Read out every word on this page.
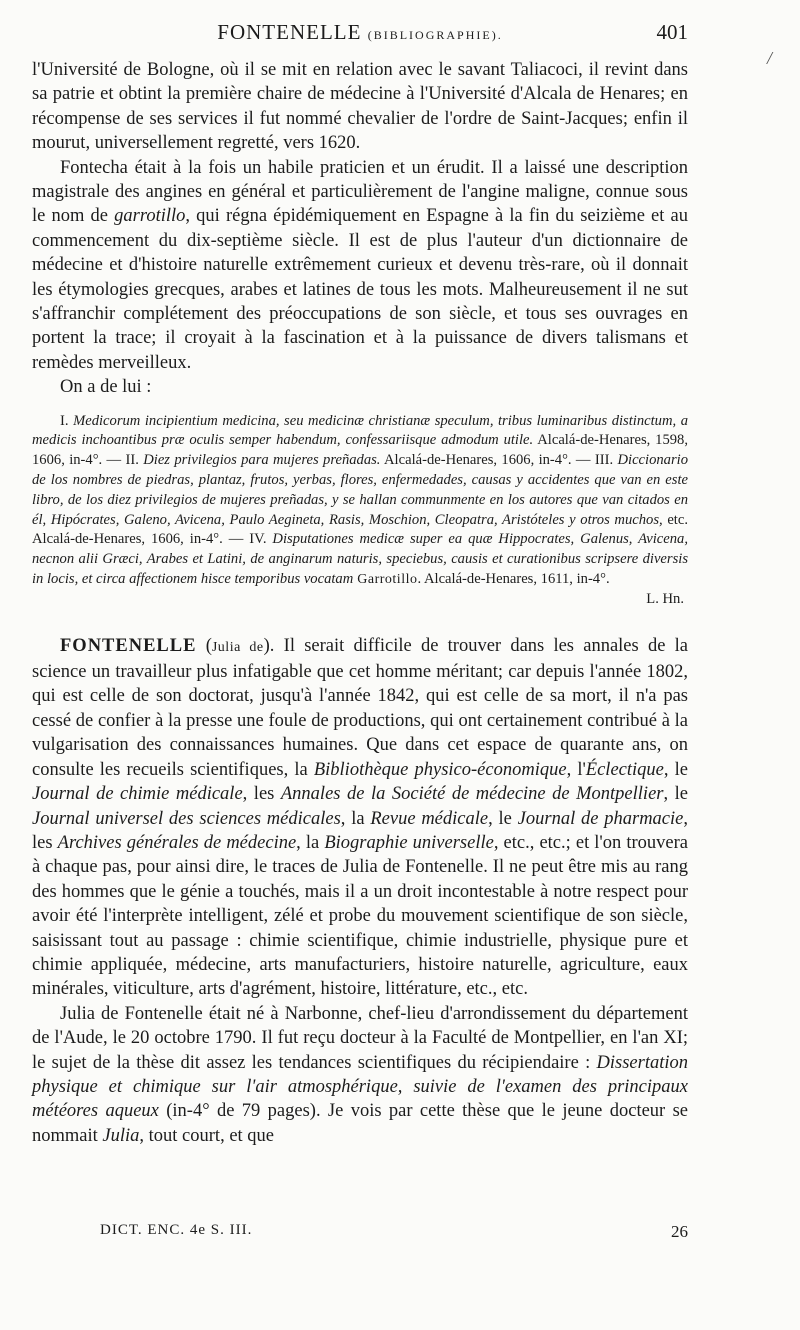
FONTENELLE (BIBLIOGRAPHIE).	401
/

l'Université de Bologne, où il se mit en relation avec le savant Taliacoci, il revint dans sa patrie et obtint la première chaire de médecine à l'Université d'Alcala de Henares; en récompense de ses services il fut nommé chevalier de l'ordre de Saint-Jacques; enfin il mourut, universellement regretté, vers 1620.

Fontecha était à la fois un habile praticien et un érudit. Il a laissé une description magistrale des angines en général et particulièrement de l'angine maligne, connue sous le nom de garrotillo, qui régna épidémiquement en Espagne à la fin du seizième et au commencement du dix-septième siècle. Il est de plus l'auteur d'un dictionnaire de médecine et d'histoire naturelle extrêmement curieux et devenu très-rare, où il donnait les étymologies grecques, arabes et latines de tous les mots. Malheureusement il ne sut s'affranchir complétement des préoccupations de son siècle, et tous ses ouvrages en portent la trace; il croyait à la fascination et à la puissance de divers talismans et remèdes merveilleux.

On a de lui :

I. Medicorum incipientium medicina, seu medicinæ christianæ speculum, tribus luminaribus distinctum, a medicis inchoantibus præ oculis semper habendum, confessariisque admodum utile. Alcalá-de-Henares, 1598, 1606, in-4°. — II. Diez privilegios para mujeres preñadas. Alcalá-de-Henares, 1606, in-4°. — III. Diccionario de los nombres de piedras, plantaz, frutos, yerbas, flores, enfermedades, causas y accidentes que van en este libro, de los diez privilegios de mujeres preñadas, y se hallan communmente en los autores que van citados en él, Hipócrates, Galeno, Avicena, Paulo Aegineta, Rasis, Moschion, Cleopatra, Aristóteles y otros muchos, etc. Alcalá-de-Henares, 1606, in-4°. — IV. Disputationes medicæ super ea quæ Hippocrates, Galenus, Avicena, necnon alii Græci, Arabes et Latini, de anginarum naturis, speciebus, causis et curationibus scripsere diversis in locis, et circa affectionem hisce temporibus vocatam Garrotillo. Alcalá-de-Henares, 1611, in-4°.

L. Hn.

FONTENELLE (Julia de). Il serait difficile de trouver dans les annales de la science un travailleur plus infatigable que cet homme méritant; car depuis l'année 1802, qui est celle de son doctorat, jusqu'à l'année 1842, qui est celle de sa mort, il n'a pas cessé de confier à la presse une foule de productions, qui ont certainement contribué à la vulgarisation des connaissances humaines. Que dans cet espace de quarante ans, on consulte les recueils scientifiques, la Bibliothèque physico-économique, l'Éclectique, le Journal de chimie médicale, les Annales de la Société de médecine de Montpellier, le Journal universel des sciences médicales, la Revue médicale, le Journal de pharmacie, les Archives générales de médecine, la Biographie universelle, etc., etc.; et l'on trouvera à chaque pas, pour ainsi dire, le traces de Julia de Fontenelle. Il ne peut être mis au rang des hommes que le génie a touchés, mais il a un droit incontestable à notre respect pour avoir été l'interprète intelligent, zélé et probe du mouvement scientifique de son siècle, saisissant tout au passage : chimie scientifique, chimie industrielle, physique pure et chimie appliquée, médecine, arts manufacturiers, histoire naturelle, agriculture, eaux minérales, viticulture, arts d'agrément, histoire, littérature, etc., etc.

Julia de Fontenelle était né à Narbonne, chef-lieu d'arrondissement du département de l'Aude, le 20 octobre 1790. Il fut reçu docteur à la Faculté de Montpellier, en l'an XI; le sujet de la thèse dit assez les tendances scientifiques du récipiendaire : Dissertation physique et chimique sur l'air atmosphérique, suivie de l'examen des principaux météores aqueux (in-4° de 79 pages). Je vois par cette thèse que le jeune docteur se nommait Julia, tout court, et que

DICT. ENC. 4e S. III.	26
